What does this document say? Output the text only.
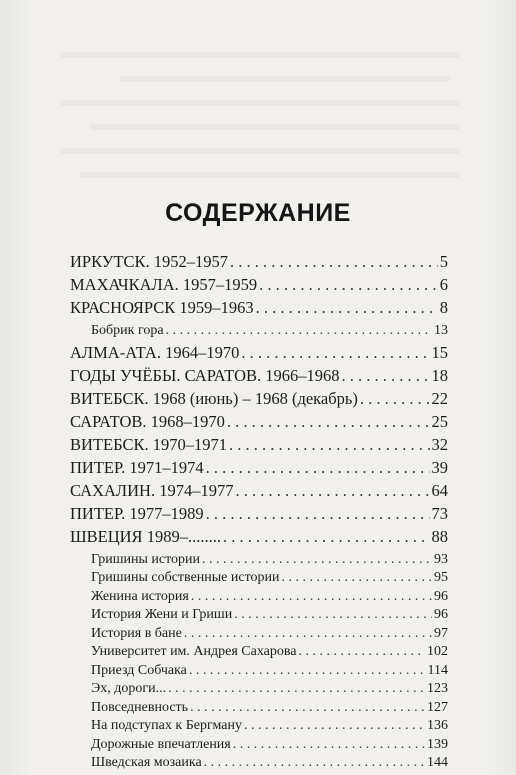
СОДЕРЖАНИЕ
ИРКУТСК. 1952–1957 . . .	5
МАХАЧКАЛА. 1957–1959 . . .	6
КРАСНОЯРСК 1959–1963 . . .	8
Бобрик гора . . .	13
АЛМА-АТА. 1964–1970 . . .	15
ГОДЫ УЧЁБЫ. САРАТОВ. 1966–1968 . . .	18
ВИТЕБСК. 1968 (июнь) – 1968 (декабрь) . . .	22
САРАТОВ. 1968–1970 . . .	25
ВИТЕБСК. 1970–1971 . . .	32
ПИТЕР. 1971–1974 . . .	39
САХАЛИН. 1974–1977 . . .	64
ПИТЕР. 1977–1989 . . .	73
ШВЕЦИЯ 1989–........ . . .	88
Гришины истории . . .	93
Гришины собственные истории . . .	95
Женина история . . .	96
История Жени и Гриши . . .	96
История в бане . . .	97
Университет им. Андрея Сахарова . . .	102
Приезд Собчака . . .	114
Эх, дороги... . . .	123
Повседневность . . .	127
На подступах к Бергману . . .	136
Дорожные впечатления . . .	139
Шведская мозаика . . .	144
